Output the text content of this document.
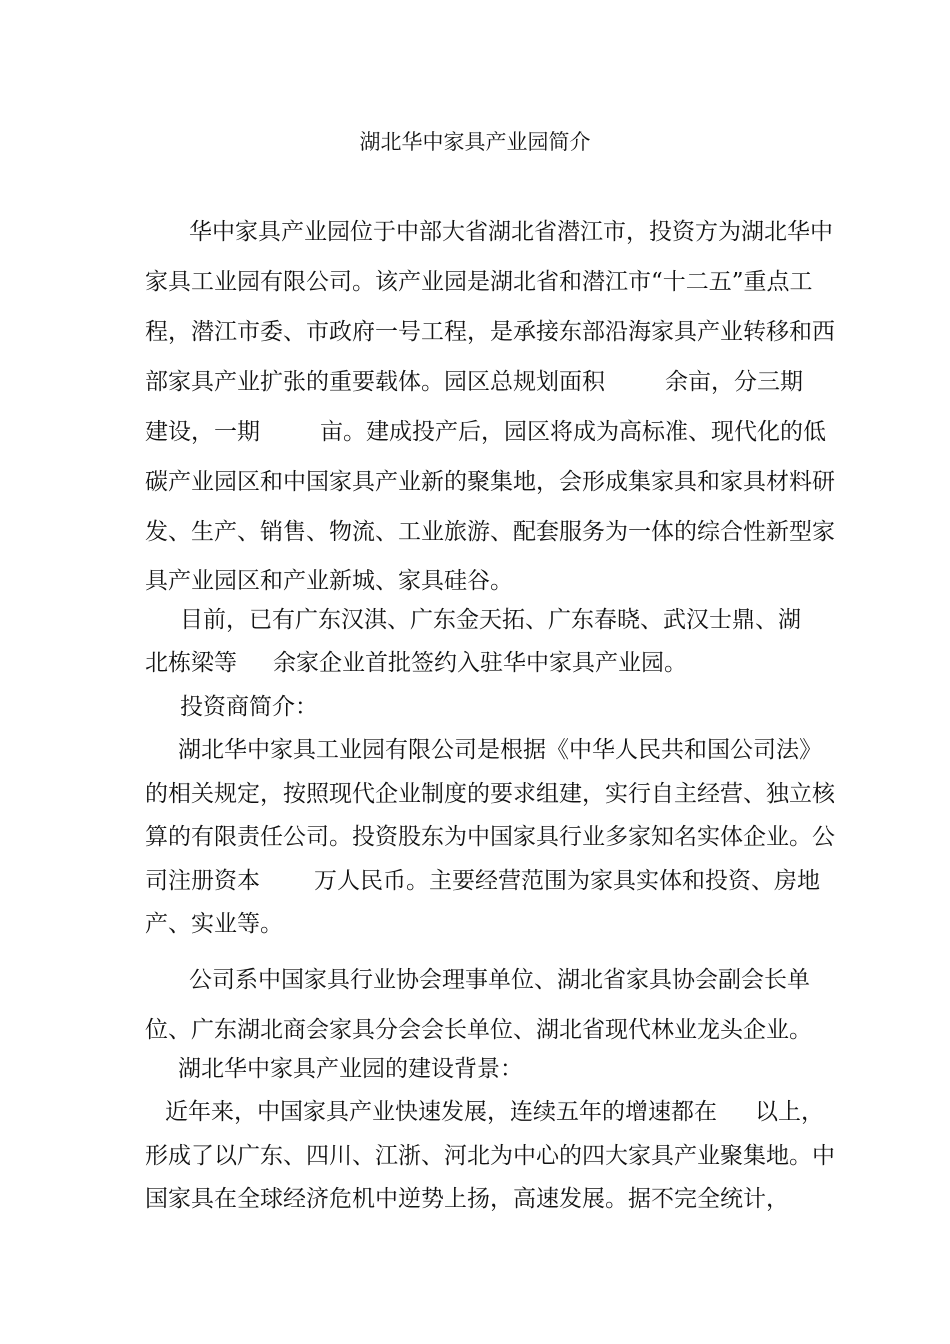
湖北华中家具产业园简介
华中家具产业园位于中部大省湖北省潜江市，投资方为湖北华中
家具工业园有限公司。该产业园是湖北省和潜江市“十二五”重点工
程，潜江市委、市政府一号工程，是承接东部沿海家具产业转移和西
部家具产业扩张的重要载体。园区总规划面积	余亩，分三期
建设，一期	亩。建成投产后，园区将成为高标准、现代化的低
碳产业园区和中国家具产业新的聚集地，会形成集家具和家具材料研
发、生产、销售、物流、工业旅游、配套服务为一体的综合性新型家
具产业园区和产业新城、家具硅谷。
目前，已有广东汉淇、广东金天拓、广东春晓、武汉士鼎、湖
北栋梁等 余家企业首批签约入驻华中家具产业园。
投资商简介：
湖北华中家具工业园有限公司是根据《中华人民共和国公司法》
的相关规定，按照现代企业制度的要求组建，实行自主经营、独立核
算的有限责任公司。投资股东为中国家具行业多家知名实体企业。公
司注册资本 万人民币。主要经营范围为家具实体和投资、房地
产、实业等。
公司系中国家具行业协会理事单位、湖北省家具协会副会长单
位、广东湖北商会家具分会会长单位、湖北省现代林业龙头企业。
湖北华中家具产业园的建设背景：
近年来，中国家具产业快速发展，连续五年的增速都在 以上，
形成了以广东、四川、江浙、河北为中心的四大家具产业聚集地。中
国家具在全球经济危机中逆势上扬，高速发展。据不完全统计，
